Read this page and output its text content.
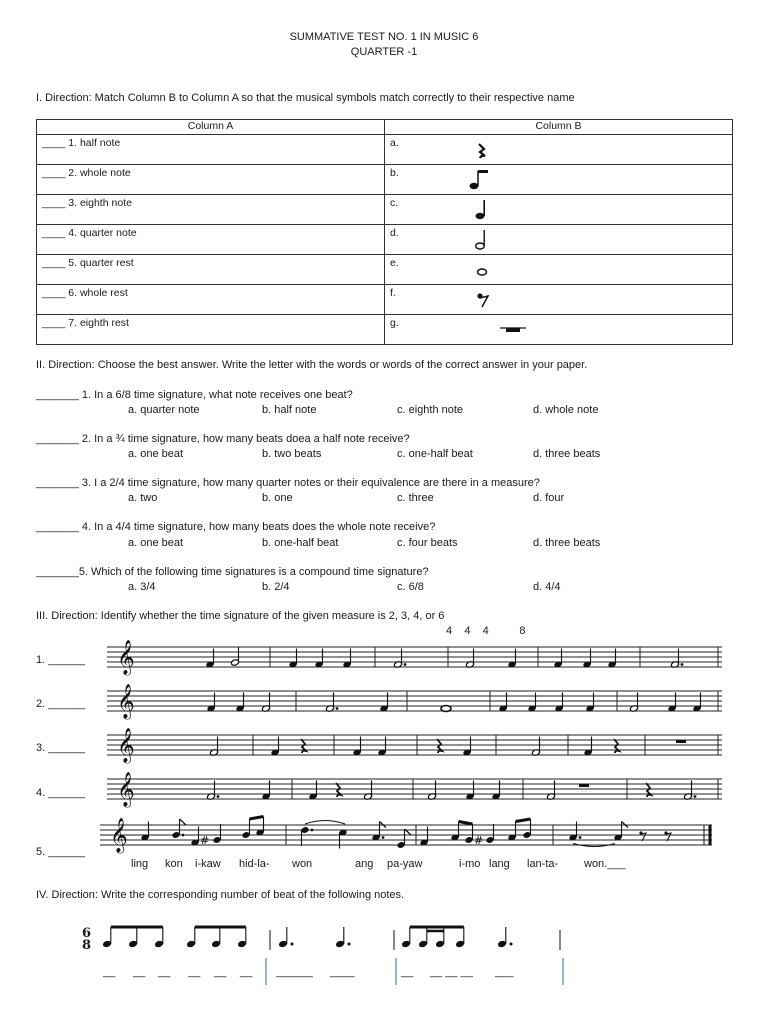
SUMMATIVE TEST NO. 1 IN MUSIC 6
QUARTER -1
I. Direction: Match Column B to Column A so that the musical symbols match correctly to their respective name
Column A	Column B
____ 1. half note	a.

____ 2. whole note	b.

____ 3. eighth note	c.

____ 4. quarter note	d.

____ 5. quarter rest	e.

____ 6. whole rest	f.

____ 7. eighth rest	g.
II. Direction: Choose the best answer. Write the letter with the words or words of the correct answer in your paper.
_______ 1. In a 6/8 time signature, what note receives one beat?
a. quarter note	b. half note	c. eighth note	d. whole note
_______ 2. In a ¾ time signature, how many beats doea a half note receive?
a. one beat	b. two beats	c. one-half beat	d. three beats
_______ 3. I a 2/4 time signature, how many quarter notes or their equivalence are there in a measure?
a. two	b. one	c. three	d. four
_______ 4. In a 4/4 time signature, how many beats does the whole note receive?
a. one beat	b. one-half beat	c. four beats	d. three beats
_______5. Which of the following time signatures is a compound time signature?
a. 3/4	b. 2/4	c. 6/8	d. 4/4
III. Direction: Identify whether the time signature of the given measure is 2, 3, 4, or 6
4    4    4          8
1. ______
2. ______
3. ______
4. ______
5. ______
𝄞
𝄞
𝄞
𝄞
𝄞	#	#
ling kon i-kaw hid-la- won	ang pa-yaw	i-mo lang lan-ta- won.___
IV. Direction: Write the corresponding number of beat of the following notes.
6
8
__ __ __ __ __ __ ______ ____	__ __ __ __ ___
